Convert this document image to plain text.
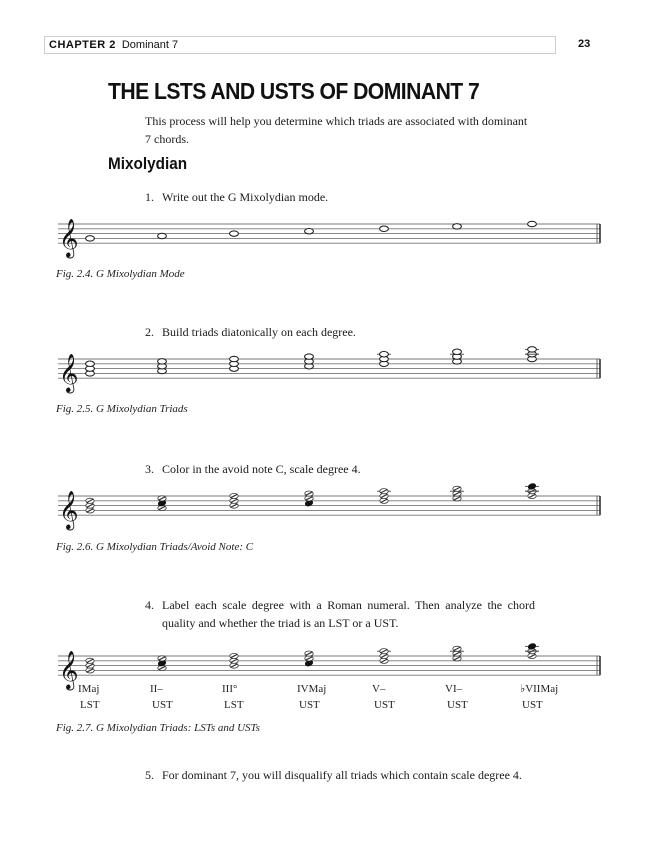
CHAPTER 2 Dominant 7	23
THE LSTS AND USTS OF DOMINANT 7
This process will help you determine which triads are associated with dominant 7 chords.
Mixolydian
1. Write out the G Mixolydian mode.
𝄞
Fig. 2.4. G Mixolydian Mode
2. Build triads diatonically on each degree.
𝄞
Fig. 2.5. G Mixolydian Triads
3. Color in the avoid note C, scale degree 4.
𝄞
Fig. 2.6. G Mixolydian Triads/Avoid Note: C
4. Label each scale degree with a Roman numeral. Then analyze the chord quality and whether the triad is an LST or a UST.
𝄞 IMaj	II–	III°	IVMaj	V–	VI–	♭VIIMaj
LST	UST	LST	UST	UST	UST	UST
Fig. 2.7. G Mixolydian Triads: LSTs and USTs
5. For dominant 7, you will disqualify all triads which contain scale degree 4.
